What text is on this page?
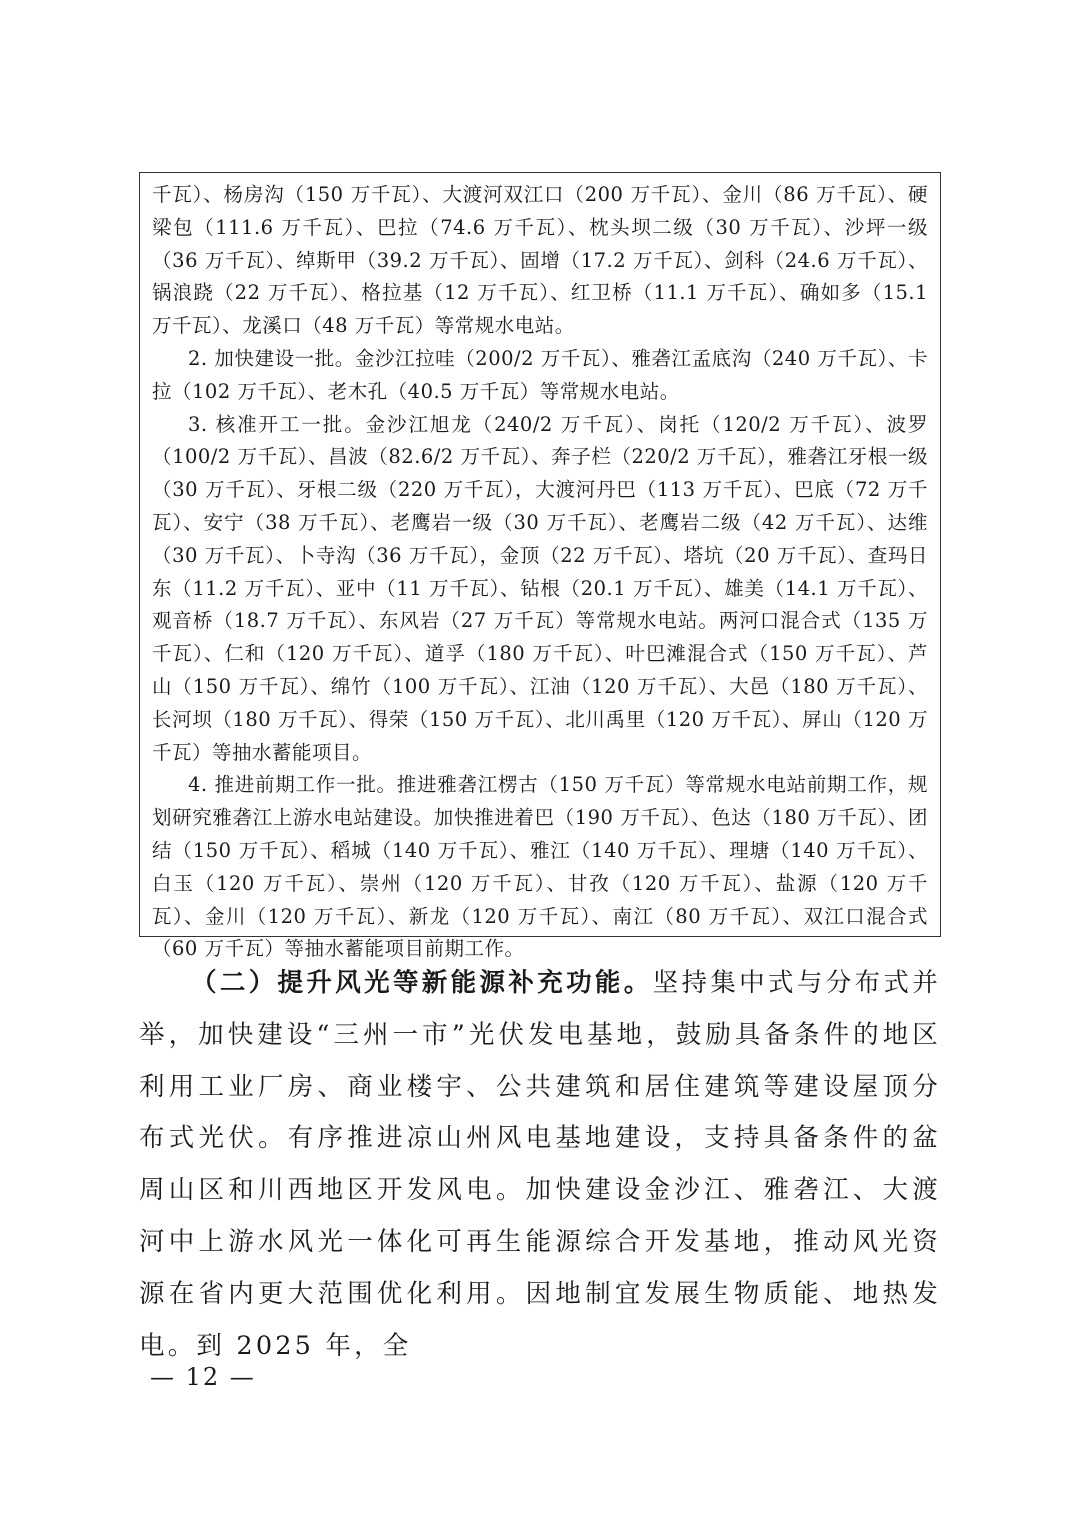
千瓦）、杨房沟（150 万千瓦）、大渡河双江口（200 万千瓦）、金川（86 万千瓦）、硬梁包（111.6 万千瓦）、巴拉（74.6 万千瓦）、枕头坝二级（30 万千瓦）、沙坪一级（36 万千瓦）、绰斯甲（39.2 万千瓦）、固增（17.2 万千瓦）、剑科（24.6 万千瓦）、锅浪跷（22 万千瓦）、格拉基（12 万千瓦）、红卫桥（11.1 万千瓦）、确如多（15.1 万千瓦）、龙溪口（48 万千瓦）等常规水电站。

2. 加快建设一批。金沙江拉哇（200/2 万千瓦）、雅砻江孟底沟（240 万千瓦）、卡拉（102 万千瓦）、老木孔（40.5 万千瓦）等常规水电站。

3. 核准开工一批。金沙江旭龙（240/2 万千瓦）、岗托（120/2 万千瓦）、波罗（100/2 万千瓦）、昌波（82.6/2 万千瓦）、奔子栏（220/2 万千瓦），雅砻江牙根一级（30 万千瓦）、牙根二级（220 万千瓦），大渡河丹巴（113 万千瓦）、巴底（72 万千瓦）、安宁（38 万千瓦）、老鹰岩一级（30 万千瓦）、老鹰岩二级（42 万千瓦）、达维（30 万千瓦）、卜寺沟（36 万千瓦），金顶（22 万千瓦）、塔坑（20 万千瓦）、查玛日东（11.2 万千瓦）、亚中（11 万千瓦）、钻根（20.1 万千瓦）、雄美（14.1 万千瓦）、观音桥（18.7 万千瓦）、东风岩（27 万千瓦）等常规水电站。两河口混合式（135 万千瓦）、仁和（120 万千瓦）、道孚（180 万千瓦）、叶巴滩混合式（150 万千瓦）、芦山（150 万千瓦）、绵竹（100 万千瓦）、江油（120 万千瓦）、大邑（180 万千瓦）、长河坝（180 万千瓦）、得荣（150 万千瓦）、北川禹里（120 万千瓦）、屏山（120 万千瓦）等抽水蓄能项目。

4. 推进前期工作一批。推进雅砻江楞古（150 万千瓦）等常规水电站前期工作，规划研究雅砻江上游水电站建设。加快推进着巴（190 万千瓦）、色达（180 万千瓦）、团结（150 万千瓦）、稻城（140 万千瓦）、雅江（140 万千瓦）、理塘（140 万千瓦）、白玉（120 万千瓦）、崇州（120 万千瓦）、甘孜（120 万千瓦）、盐源（120 万千瓦）、金川（120 万千瓦）、新龙（120 万千瓦）、南江（80 万千瓦）、双江口混合式（60 万千瓦）等抽水蓄能项目前期工作。

（二）提升风光等新能源补充功能。坚持集中式与分布式并举，加快建设“三州一市”光伏发电基地，鼓励具备条件的地区利用工业厂房、商业楼宇、公共建筑和居住建筑等建设屋顶分布式光伏。有序推进凉山州风电基地建设，支持具备条件的盆周山区和川西地区开发风电。加快建设金沙江、雅砻江、大渡河中上游水风光一体化可再生能源综合开发基地，推动风光资源在省内更大范围优化利用。因地制宜发展生物质能、地热发电。到 2025 年，全

— 12 —
